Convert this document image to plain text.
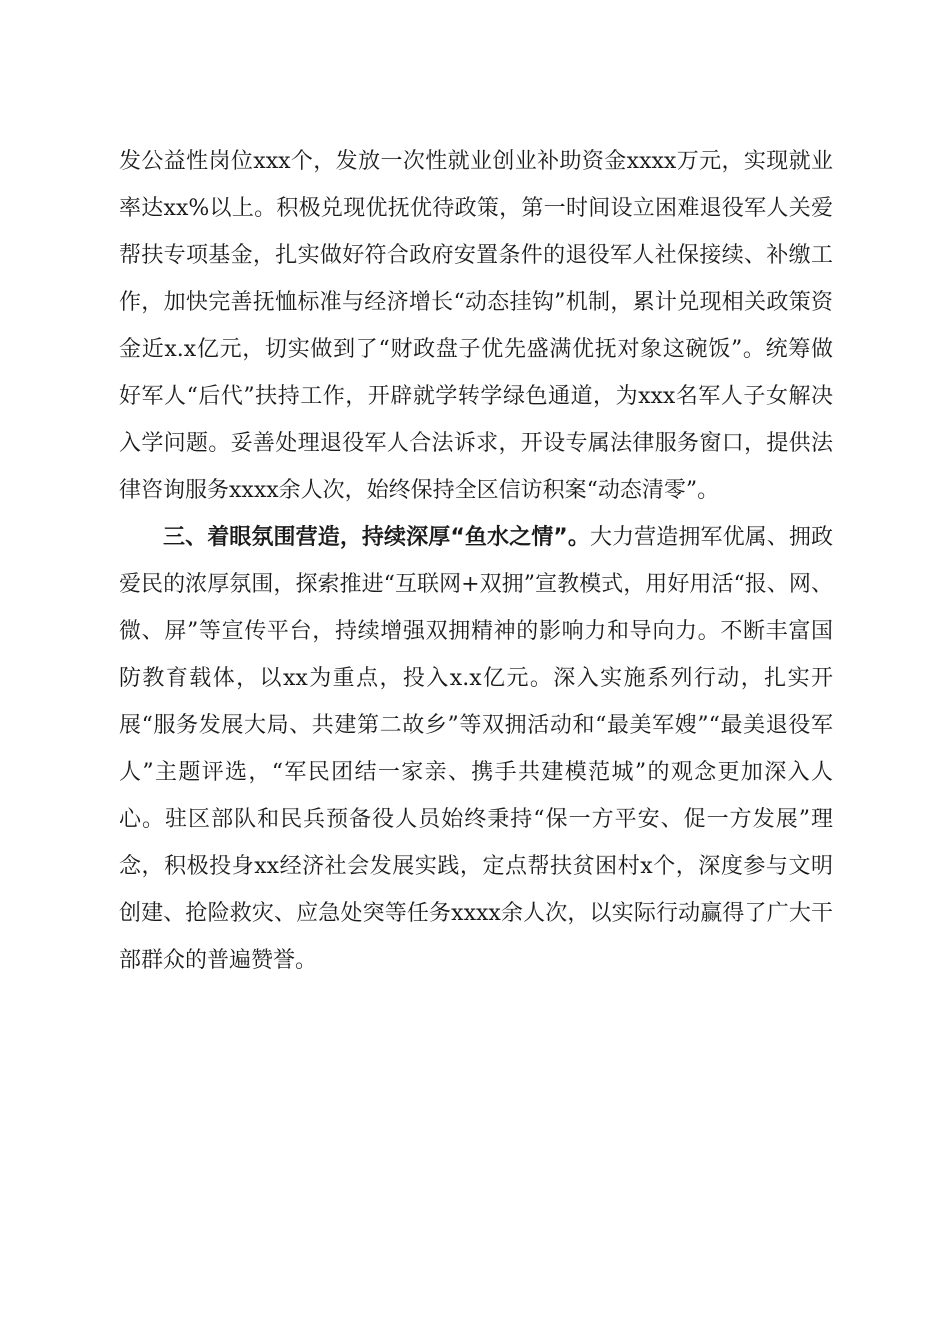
发公益性岗位xxx个，发放一次性就业创业补助资金xxxx万元，实现就业率达xx%以上。积极兑现优抚优待政策，第一时间设立困难退役军人关爱帮扶专项基金，扎实做好符合政府安置条件的退役军人社保接续、补缴工作，加快完善抚恤标准与经济增长“动态挂钩”机制，累计兑现相关政策资金近x.x亿元，切实做到了“财政盘子优先盛满优抚对象这碗饭”。统筹做好军人“后代”扶持工作，开辟就学转学绿色通道，为xxx名军人子女解决入学问题。妥善处理退役军人合法诉求，开设专属法律服务窗口，提供法律咨询服务xxxx余人次，始终保持全区信访积案“动态清零”。

三、着眼氛围营造，持续深厚“鱼水之情”。大力营造拥军优属、拥政爱民的浓厚氛围，探索推进“互联网+双拥”宣教模式，用好用活“报、网、微、屏”等宣传平台，持续增强双拥精神的影响力和导向力。不断丰富国防教育载体，以xx为重点，投入x.x亿元。深入实施系列行动，扎实开展“服务发展大局、共建第二故乡”等双拥活动和“最美军嫂”“最美退役军人”主题评选，“军民团结一家亲、携手共建模范城”的观念更加深入人心。驻区部队和民兵预备役人员始终秉持“保一方平安、促一方发展”理念，积极投身xx经济社会发展实践，定点帮扶贫困村x个，深度参与文明创建、抢险救灾、应急处突等任务xxxx余人次，以实际行动赢得了广大干部群众的普遍赞誉。
